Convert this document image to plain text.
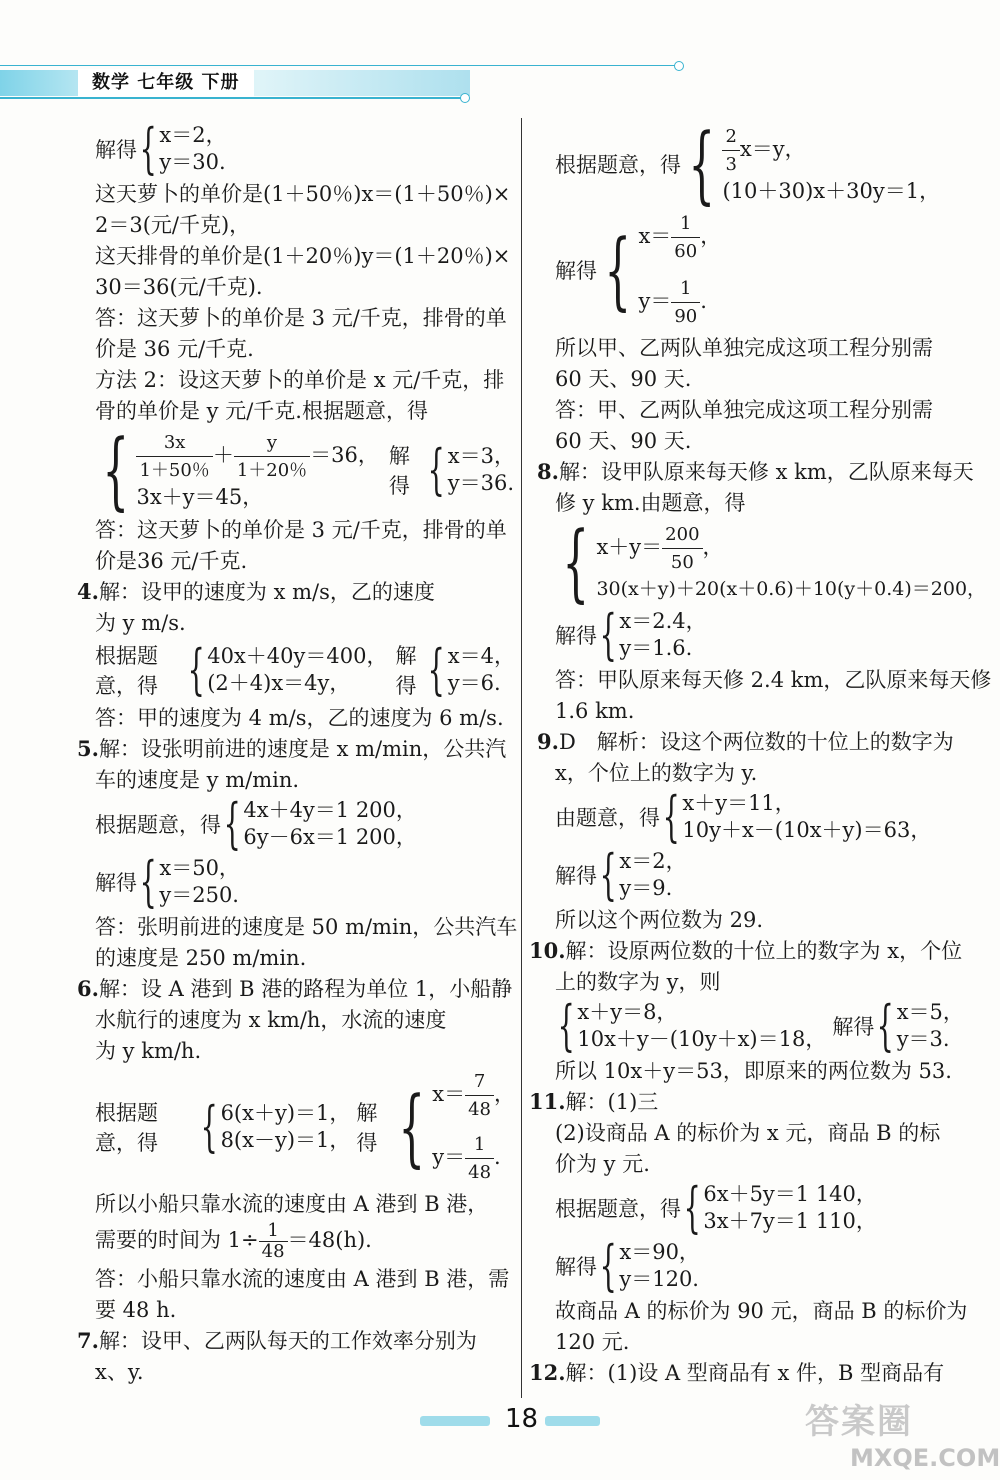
数学 七年级 下册
解得 { x＝2，
y＝30.
这天萝卜的单价是(1＋50％)x＝(1＋50％)×
2＝3(元/千克)，
这天排骨的单价是(1＋20％)y＝(1＋20％)×
30＝36(元/千克).
答：这天萝卜的单价是 3 元/千克，排骨的单
价是 36 元/千克.
方法 2：设这天萝卜的单价是 x 元/千克，排
骨的单价是 y 元/千克.根据题意，得
{ $\frac{3x}{1+50\%} + \frac{y}{1+20\%} =36$，
3x＋y＝45，
解得 { x＝3，
y＝36.
答：这天萝卜的单价是 3 元/千克，排骨的单
价是36 元/千克.
4.解：设甲的速度为 x m/s，乙的速度
为 y m/s.
根据题意，得 { 40x＋40y＝400，
(2＋4)x＝4y，
解得 { x＝4，
y＝6.
答：甲的速度为 4 m/s，乙的速度为 6 m/s.
5.解：设张明前进的速度是 x m/min，公共汽
车的速度是 y m/min.
根据题意，得 { 4x＋4y＝1 200，
6y－6x＝1 200，
解得 { x＝50，
y＝250.
答：张明前进的速度是 50 m/min，公共汽车
的速度是 250 m/min.
6.解：设 A 港到 B 港的路程为单位 1，小船静
水航行的速度为 x km/h，水流的速度
为 y km/h.
根据题意，得 { 6(x＋y)＝1，
8(x－y)＝1，
解得 { $x= \frac{7}{48}$ ，
$y= \frac{1}{48}$ .
所以小船只靠水流的速度由 A 港到 B 港，
需要的时间为 $1\div \frac{1}{48} =48(h)$.
答：小船只靠水流的速度由 A 港到 B 港，需
要 48 h.
7.解：设甲、乙两队每天的工作效率分别为
x、y.
根据题意，得 { $\frac{2}{3} x=y$，
(10＋30)x＋30y＝1，
解得 { $x= \frac{1}{60}$ ，
$y= \frac{1}{90}$ .
所以甲、乙两队单独完成这项工程分别需
60 天、90 天.
答：甲、乙两队单独完成这项工程分别需
60 天、90 天.
8.解：设甲队原来每天修 x km，乙队原来每天
修 y km.由题意，得
{ $x+y= \frac{200}{50}$ ，
30(x＋y)＋20(x＋0.6)＋10(y＋0.4)＝200，
解得 { x＝2.4，
y＝1.6.
答：甲队原来每天修 2.4 km，乙队原来每天修
1.6 km.
9.D　解析：设这个两位数的十位上的数字为
x，个位上的数字为 y.
由题意，得 { x＋y＝11，
10y＋x－(10x＋y)＝63，
解得 { x＝2，
y＝9.
所以这个两位数为 29.
10.解：设原两位数的十位上的数字为 x，个位
上的数字为 y，则
{ x＋y＝8，
10x＋y－(10y＋x)＝18， 解得 { x＝5，
y＝3.
所以 10x＋y＝53，即原来的两位数为 53.
11.解：(1)三
(2)设商品 A 的标价为 x 元，商品 B 的标
价为 y 元.
根据题意，得 { 6x＋5y＝1 140，
3x＋7y＝1 110，
解得 { x＝90，
y＝120.
故商品 A 的标价为 90 元，商品 B 的标价为
120 元.
12.解：(1)设 A 型商品有 x 件，B 型商品有
18	答案圈
MXQE.COM
